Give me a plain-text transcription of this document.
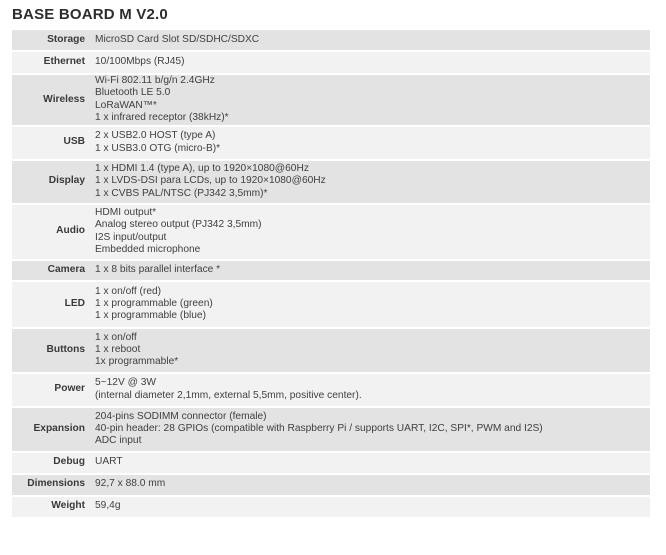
BASE BOARD M V2.0
Storage	MicroSD Card Slot SD/SDHC/SDXC

Ethernet	10/100Mbps (RJ45)

Wireless	Wi-Fi 802.11 b/g/n 2.4GHz
Bluetooth LE 5.0
LoRaWAN™*
1 x infrared receptor (38kHz)*

USB	2 x USB2.0 HOST (type A)
1 x USB3.0 OTG (micro-B)*

Display	1 x HDMI 1.4 (type A), up to 1920×1080@60Hz
1 x LVDS-DSI para LCDs, up to 1920×1080@60Hz
1 x CVBS PAL/NTSC (PJ342 3,5mm)*

Audio	HDMI output*
Analog stereo output (PJ342 3,5mm)
I2S input/output
Embedded microphone

Camera	1 x 8 bits parallel interface *

LED	1 x on/off (red)
1 x programmable (green)
1 x programmable (blue)

Buttons	1 x on/off
1 x reboot
1x programmable*

Power	5~12V @ 3W
(internal diameter 2,1mm, external 5,5mm, positive center).

Expansion	204-pins SODIMM connector (female)
40-pin header: 28 GPIOs (compatible with Raspberry Pi / supports UART, I2C, SPI*, PWM and I2S)
ADC input

Debug	UART

Dimensions	92,7 x 88.0 mm

Weight	59,4g
